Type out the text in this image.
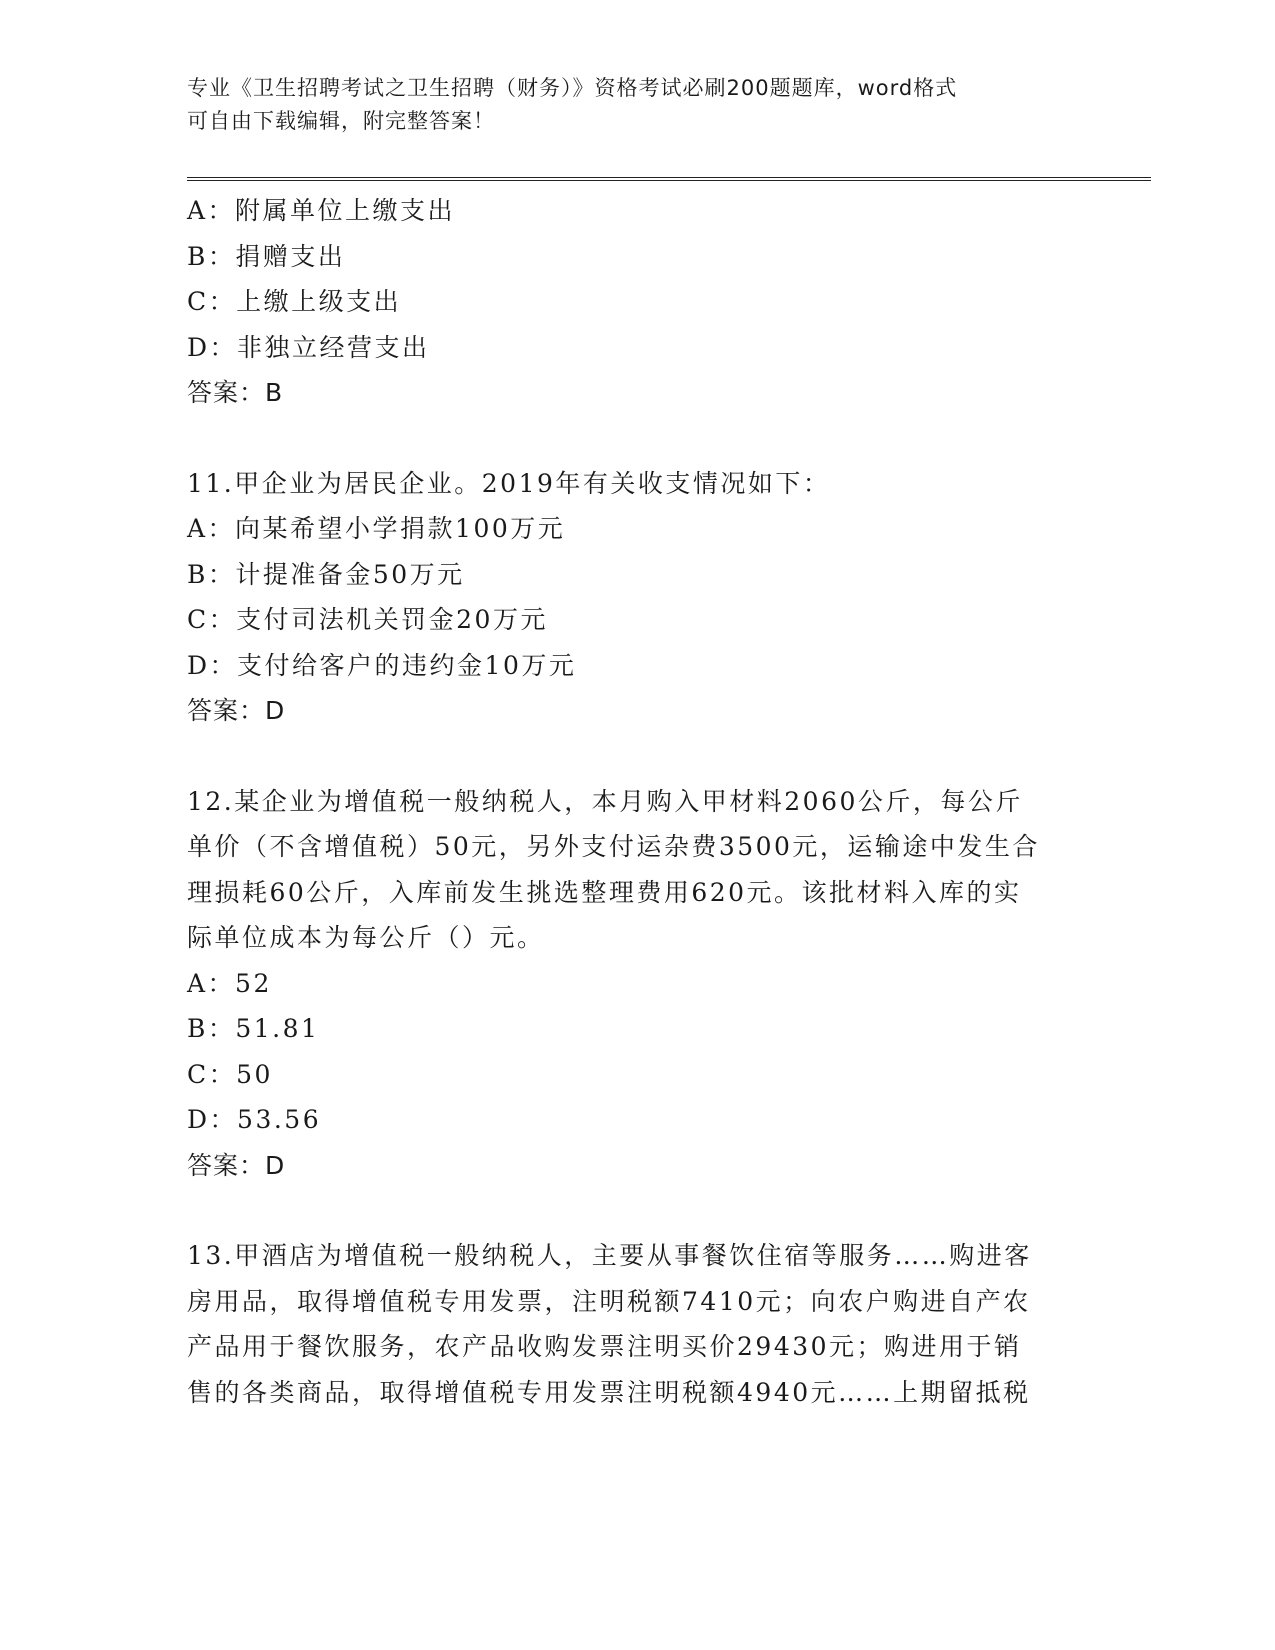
专业《卫生招聘考试之卫生招聘（财务）》资格考试必刷200题题库，word格式
可自由下载编辑，附完整答案！
A：附属单位上缴支出
B：捐赠支出
C：上缴上级支出
D：非独立经营支出
答案：B
11.甲企业为居民企业。2019年有关收支情况如下：
A：向某希望小学捐款100万元
B：计提准备金50万元
C：支付司法机关罚金20万元
D：支付给客户的违约金10万元
答案：D
12.某企业为增值税一般纳税人，本月购入甲材料2060公斤，每公斤
单价（不含增值税）50元，另外支付运杂费3500元，运输途中发生合
理损耗60公斤，入库前发生挑选整理费用620元。该批材料入库的实
际单位成本为每公斤（）元。
A：52
B：51.81
C：50
D：53.56
答案：D
13.甲酒店为增值税一般纳税人，主要从事餐饮住宿等服务……购进客
房用品，取得增值税专用发票，注明税额7410元；向农户购进自产农
产品用于餐饮服务，农产品收购发票注明买价29430元；购进用于销
售的各类商品，取得增值税专用发票注明税额4940元……上期留抵税
